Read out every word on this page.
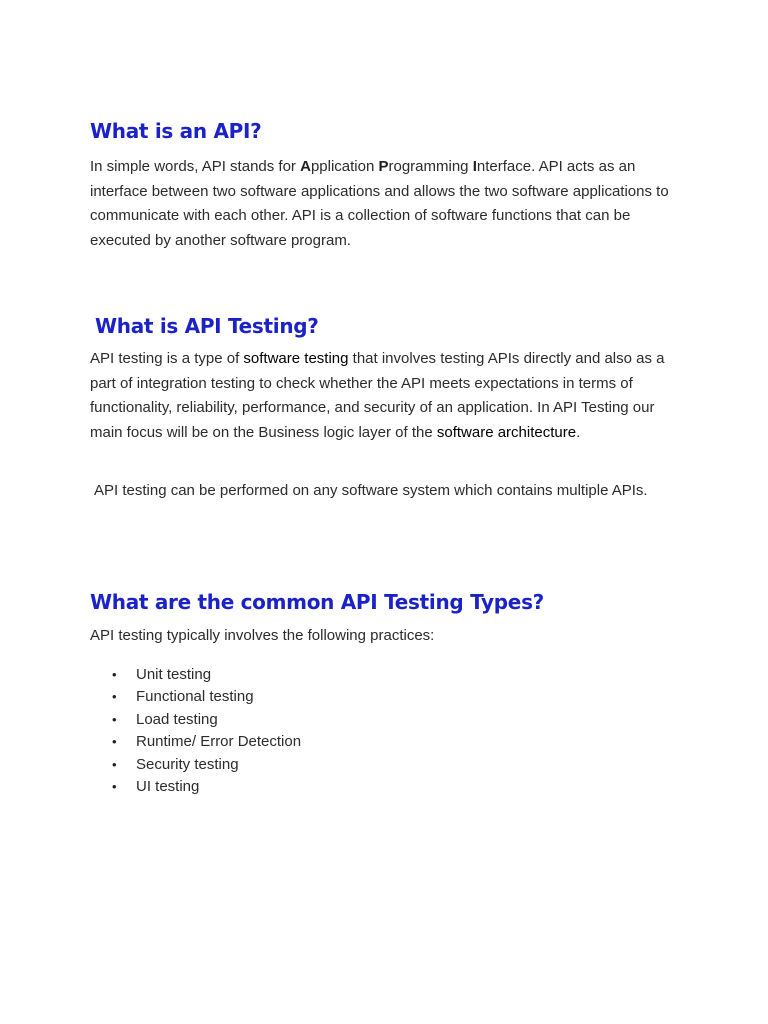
What is an API?

In simple words, API stands for Application Programming Interface. API acts as an interface between two software applications and allows the two software applications to communicate with each other. API is a collection of software functions that can be executed by another software program.

What is API Testing?

API testing is a type of software testing that involves testing APIs directly and also as a part of integration testing to check whether the API meets expectations in terms of functionality, reliability, performance, and security of an application. In API Testing our main focus will be on the Business logic layer of the software architecture.

API testing can be performed on any software system which contains multiple APIs.

What are the common API Testing Types?

API testing typically involves the following practices:

• Unit testing
• Functional testing
• Load testing
• Runtime/ Error Detection
• Security testing
• UI testing
